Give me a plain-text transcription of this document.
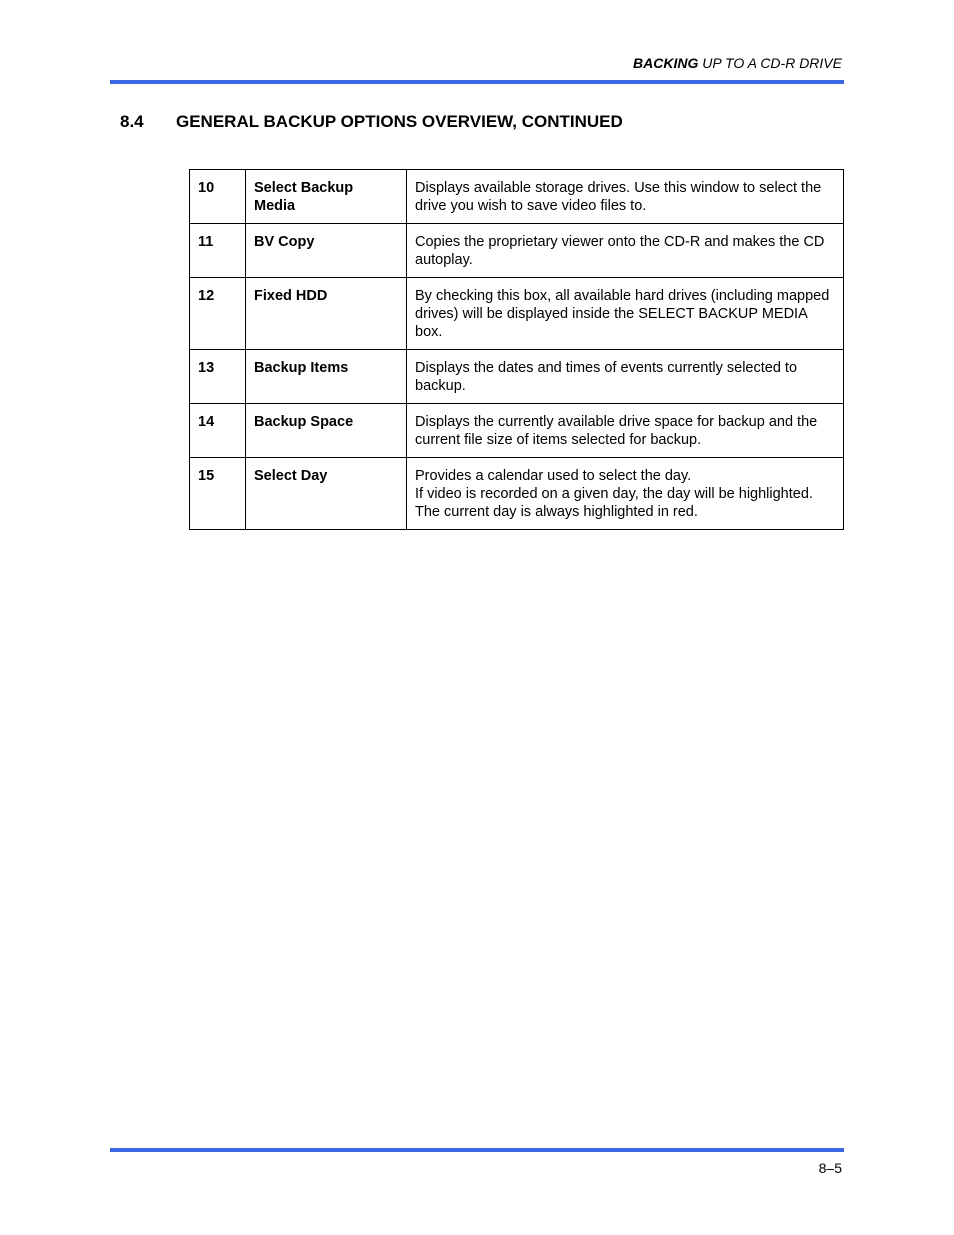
BACKING UP TO A CD-R DRIVE
8.4 GENERAL BACKUP OPTIONS OVERVIEW, CONTINUED
10	Select Backup Media	Displays available storage drives. Use this window to select the drive you wish to save video files to.

11	BV Copy	Copies the proprietary viewer onto the CD-R and makes the CD autoplay.

12	Fixed HDD	By checking this box, all available hard drives (including mapped drives) will be displayed inside the SELECT BACKUP MEDIA box.

13	Backup Items	Displays the dates and times of events currently selected to backup.

14	Backup Space	Displays the currently available drive space for backup and the current file size of items selected for backup.

15	Select Day	Provides a calendar used to select the day.
If video is recorded on a given day, the day will be highlighted. The current day is always highlighted in red.
8–5
